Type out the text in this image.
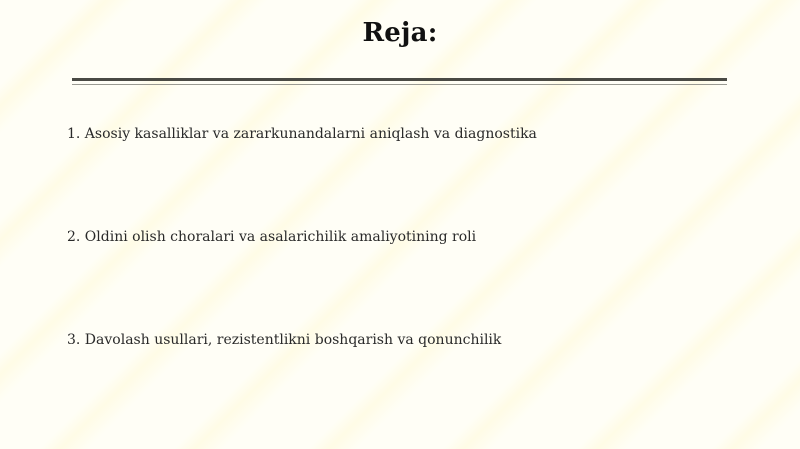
Reja:
1. Asosiy kasalliklar va zararkunandalarni aniqlash va diagnostika
2. Oldini olish choralari va asalarichilik amaliyotining roli
3. Davolash usullari, rezistentlikni boshqarish va qonunchilik
